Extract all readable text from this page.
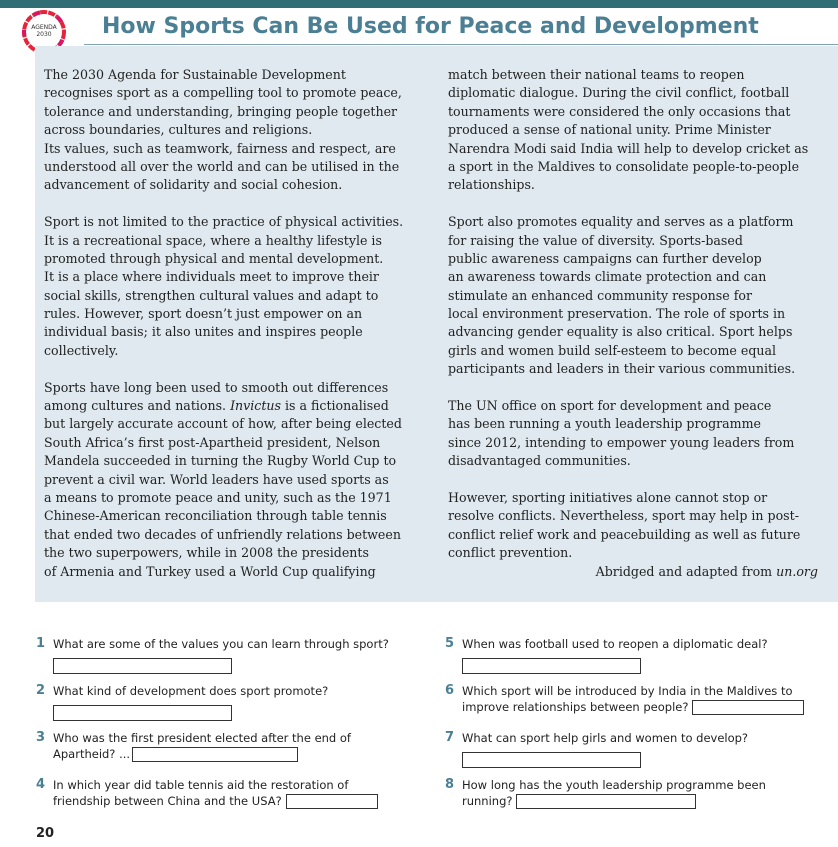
AGENDA
2030	How Sports Can Be Used for Peace and Development
The 2030 Agenda for Sustainable Development
recognises sport as a compelling tool to promote peace,
tolerance and understanding, bringing people together
across boundaries, cultures and religions.
Its values, such as teamwork, fairness and respect, are
understood all over the world and can be utilised in the
advancement of solidarity and social cohesion.
Sport is not limited to the practice of physical activities.
It is a recreational space, where a healthy lifestyle is
promoted through physical and mental development.
It is a place where individuals meet to improve their
social skills, strengthen cultural values and adapt to
rules. However, sport doesn’t just empower on an
individual basis; it also unites and inspires people
collectively.
Sports have long been used to smooth out differences
among cultures and nations. Invictus is a fictionalised
but largely accurate account of how, after being elected
South Africa’s first post-Apartheid president, Nelson
Mandela succeeded in turning the Rugby World Cup to
prevent a civil war. World leaders have used sports as
a means to promote peace and unity, such as the 1971
Chinese-American reconciliation through table tennis
that ended two decades of unfriendly relations between
the two superpowers, while in 2008 the presidents
of Armenia and Turkey used a World Cup qualifying
match between their national teams to reopen
diplomatic dialogue. During the civil conflict, football
tournaments were considered the only occasions that
produced a sense of national unity. Prime Minister
Narendra Modi said India will help to develop cricket as
a sport in the Maldives to consolidate people-to-people
relationships.
Sport also promotes equality and serves as a platform
for raising the value of diversity. Sports-based
public awareness campaigns can further develop
an awareness towards climate protection and can
stimulate an enhanced community response for
local environment preservation. The role of sports in
advancing gender equality is also critical. Sport helps
girls and women build self-esteem to become equal
participants and leaders in their various communities.
The UN office on sport for development and peace
has been running a youth leadership programme
since 2012, intending to empower young leaders from
disadvantaged communities.
However, sporting initiatives alone cannot stop or
resolve conflicts. Nevertheless, sport may help in post-
conflict relief work and peacebuilding as well as future
conflict prevention.
Abridged and adapted from un.org
1 What are some of the values you can learn through sport?
2 What kind of development does sport promote?
3 Who was the first president elected after the end of
Apartheid? ...
4 In which year did table tennis aid the restoration of
friendship between China and the USA?
5 When was football used to reopen a diplomatic deal?
6 Which sport will be introduced by India in the Maldives to
improve relationships between people?
7 What can sport help girls and women to develop?
8 How long has the youth leadership programme been
running?
20
